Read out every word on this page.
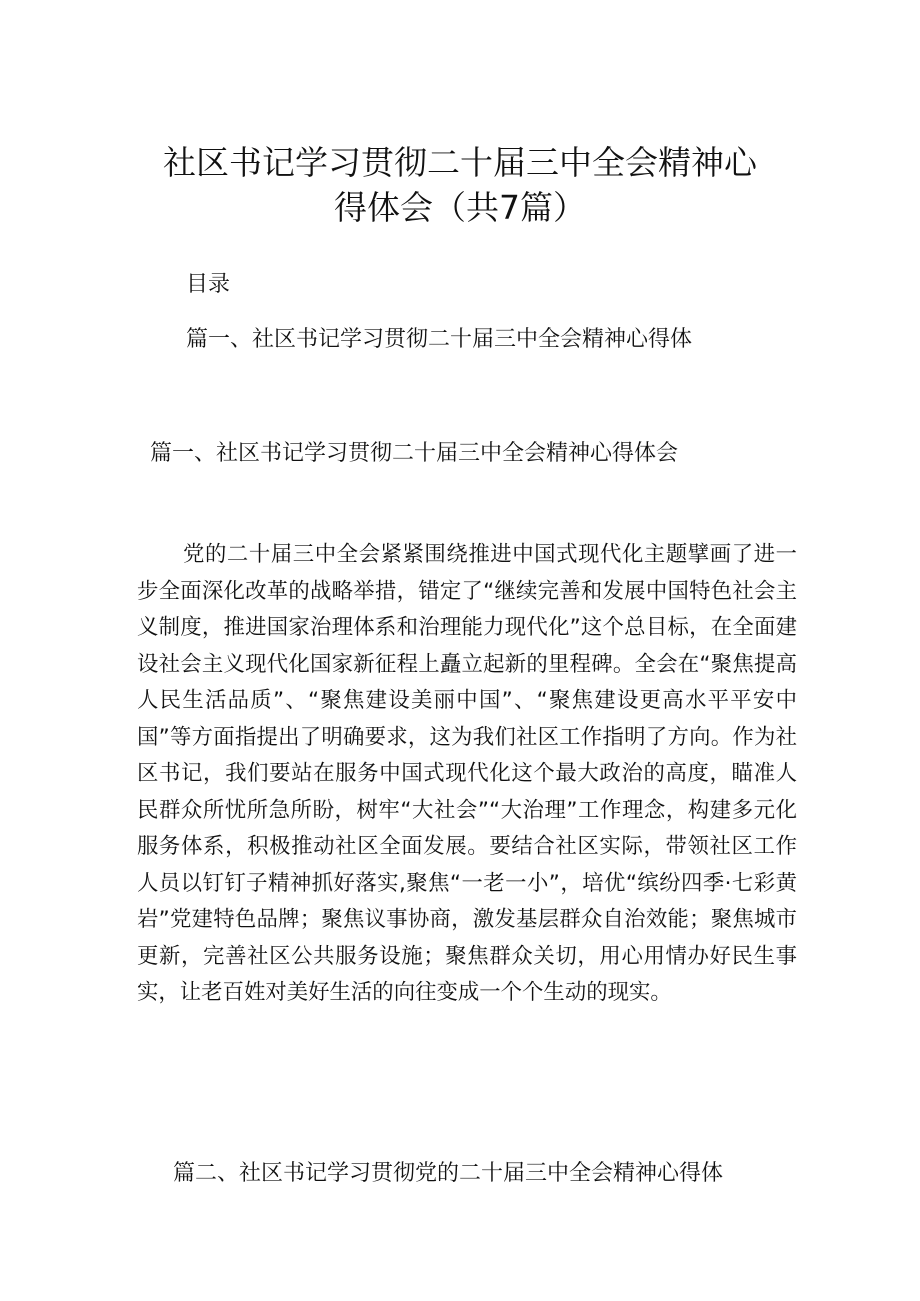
社区书记学习贯彻二十届三中全会精神心
得体会（共7篇）
目录
篇一、社区书记学习贯彻二十届三中全会精神心得体
篇一、社区书记学习贯彻二十届三中全会精神心得体会

党的二十届三中全会紧紧围绕推进中国式现代化主题擘画了进一步全面深化改革的战略举措，错定了“继续完善和发展中国特色社会主义制度，推进国家治理体系和治理能力现代化”这个总目标，在全面建设社会主义现代化国家新征程上矗立起新的里程碑。全会在“聚焦提高人民生活品质”、“聚焦建设美丽中国”、“聚焦建设更高水平平安中国”等方面指提出了明确要求，这为我们社区工作指明了方向。作为社区书记，我们要站在服务中国式现代化这个最大政治的高度，瞄准人民群众所忧所急所盼，树牢“大社会”“大治理”工作理念，构建多元化服务体系，积极推动社区全面发展。要结合社区实际，带领社区工作人员以钉钉子精神抓好落实,聚焦“一老一小”，培优“缤纷四季·七彩黄岩”党建特色品牌；聚焦议事协商，激发基层群众自治效能；聚焦城市更新，完善社区公共服务设施；聚焦群众关切，用心用情办好民生事实，让老百姓对美好生活的向往变成一个个生动的现实。

篇二、社区书记学习贯彻党的二十届三中全会精神心得体
